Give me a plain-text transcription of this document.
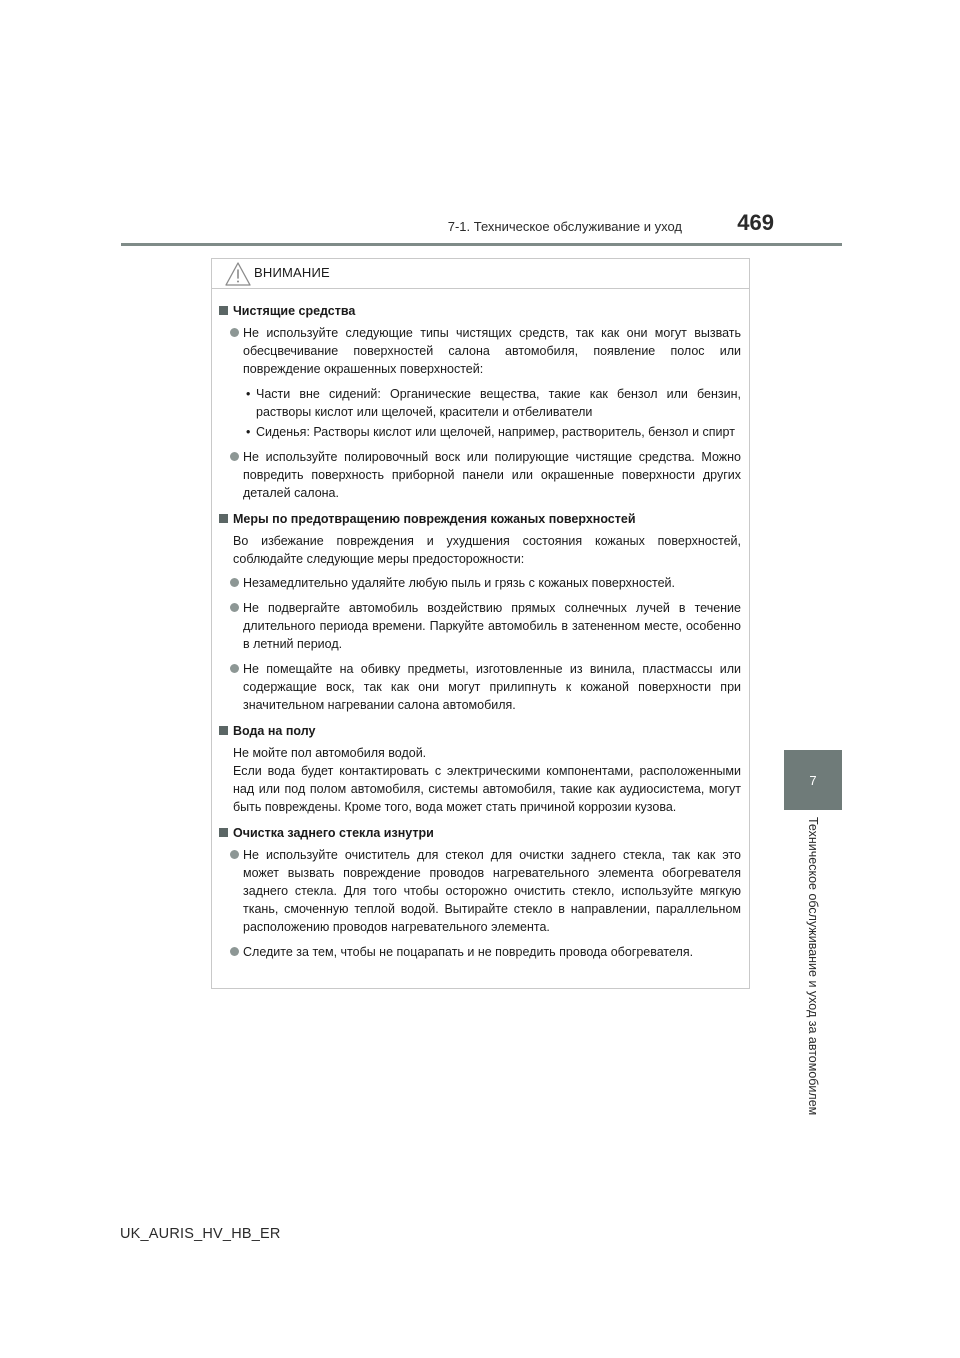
7-1. Техническое обслуживание и уход	469
7
Техническое обслуживание и уход за автомобилем
ВНИМАНИЕ
Чистящие средства
Не используйте следующие типы чистящих средств, так как они могут вызвать обесцвечивание поверхностей салона автомобиля, появление полос или повреждение окрашенных поверхностей:
• Части вне сидений: Органические вещества, такие как бензол или бензин, растворы кислот или щелочей, красители и отбеливатели
• Сиденья: Растворы кислот или щелочей, например, растворитель, бензол и спирт
Не используйте полировочный воск или полирующие чистящие средства. Можно повредить поверхность приборной панели или окрашенные поверхности других деталей салона.
Меры по предотвращению повреждения кожаных поверхностей
Во избежание повреждения и ухудшения состояния кожаных поверхностей, соблюдайте следующие меры предосторожности:
Незамедлительно удаляйте любую пыль и грязь с кожаных поверхностей.
Не подвергайте автомобиль воздействию прямых солнечных лучей в течение длительного периода времени. Паркуйте автомобиль в затененном месте, особенно в летний период.
Не помещайте на обивку предметы, изготовленные из винила, пластмассы или содержащие воск, так как они могут прилипнуть к кожаной поверхности при значительном нагревании салона автомобиля.
Вода на полу
Не мойте пол автомобиля водой.
Если вода будет контактировать с электрическими компонентами, расположенными над или под полом автомобиля, системы автомобиля, такие как аудиосистема, могут быть повреждены. Кроме того, вода может стать причиной коррозии кузова.
Очистка заднего стекла изнутри
Не используйте очиститель для стекол для очистки заднего стекла, так как это может вызвать повреждение проводов нагревательного элемента обогревателя заднего стекла. Для того чтобы осторожно очистить стекло, используйте мягкую ткань, смоченную теплой водой. Вытирайте стекло в направлении, параллельном расположению проводов нагревательного элемента.
Следите за тем, чтобы не поцарапать и не повредить провода обогревателя.
UK_AURIS_HV_HB_ER
